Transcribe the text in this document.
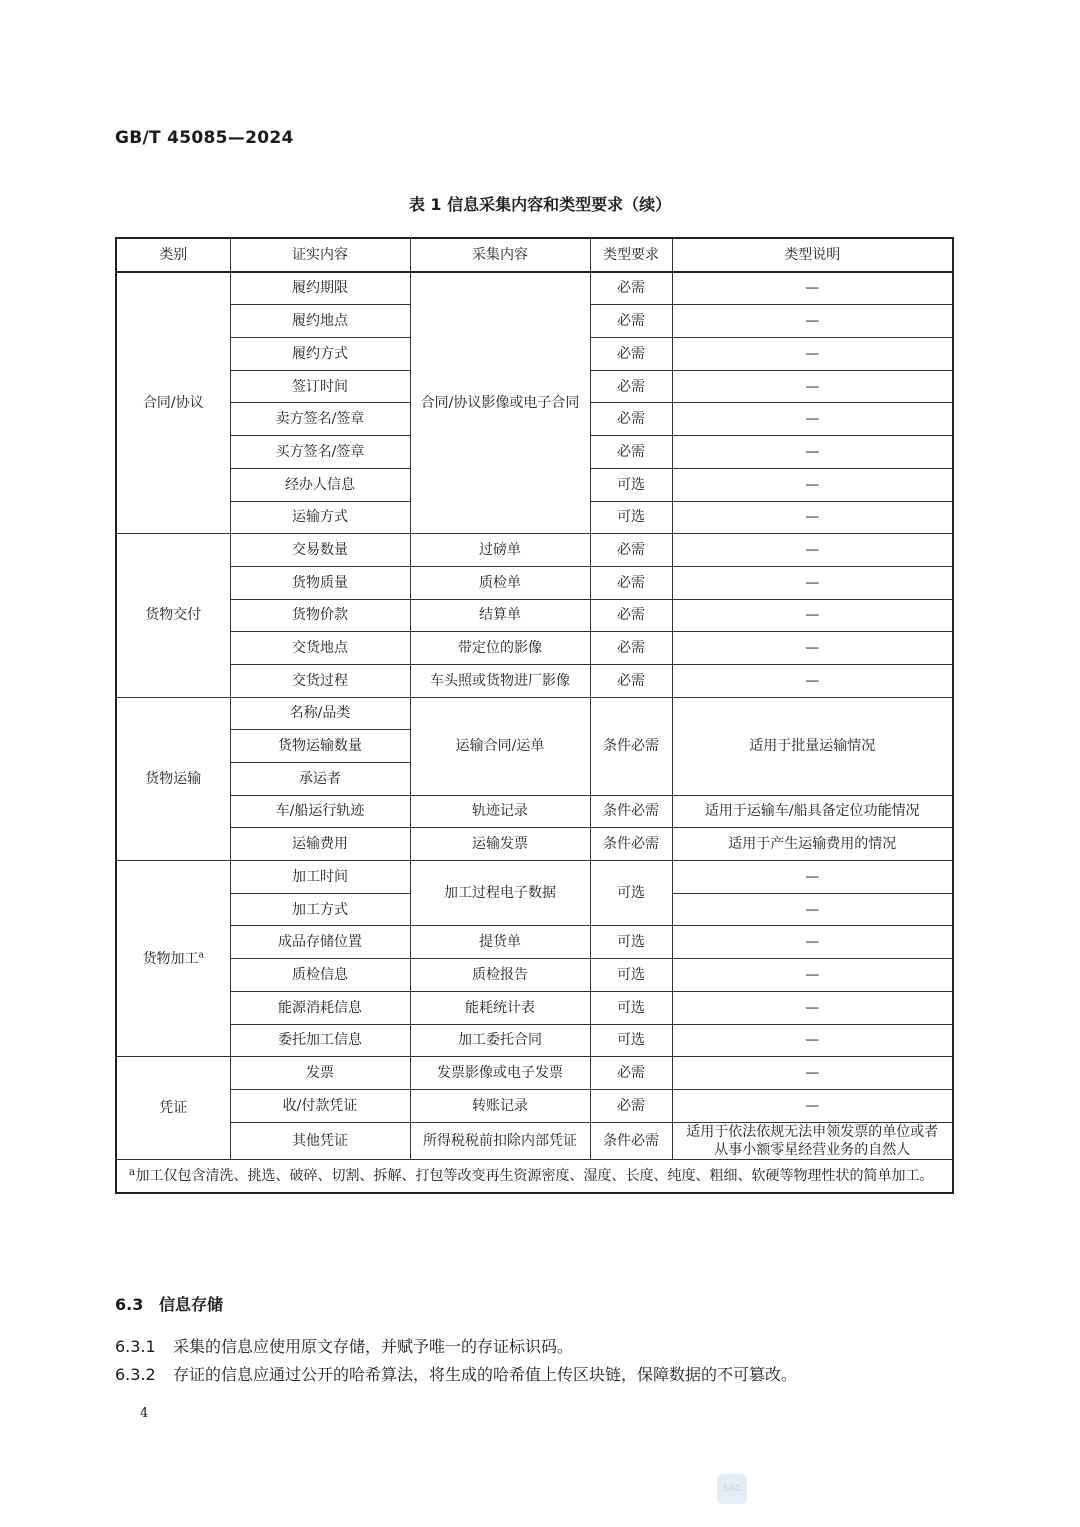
GB/T 45085—2024
表 1 信息采集内容和类型要求（续）
类别	证实内容	采集内容	类型要求	类型说明
合同/协议	履约期限	合同/协议影像或电子合同	必需	—
	履约地点		必需	—
	履约方式		必需	—
	签订时间		必需	—
	卖方签名/签章		必需	—
	买方签名/签章		必需	—
	经办人信息		可选	—
	运输方式		可选	—
货物交付	交易数量	过磅单	必需	—
	货物质量	质检单	必需	—
	货物价款	结算单	必需	—
	交货地点	带定位的影像	必需	—
	交货过程	车头照或货物进厂影像	必需	—
货物运输	名称/品类	运输合同/运单	条件必需	适用于批量运输情况
	货物运输数量			
	承运者			
	车/船运行轨迹	轨迹记录	条件必需	适用于运输车/船具备定位功能情况
	运输费用	运输发票	条件必需	适用于产生运输费用的情况
货物加工$^a$	加工时间	加工过程电子数据	可选	—
	加工方式			—
	成品存储位置	提货单	可选	—
	质检信息	质检报告	可选	—
	能源消耗信息	能耗统计表	可选	—
	委托加工信息	加工委托合同	可选	—
凭证	发票	发票影像或电子发票	必需	—
	收/付款凭证	转账记录	必需	—
	其他凭证	所得税税前扣除内部凭证	条件必需	适用于依法依规无法申领发票的单位或者从事小额零星经营业务的自然人

a 加工仅包含清洗、挑选、破碎、切割、拆解、打包等改变再生资源密度、湿度、长度、纯度、粗细、软硬等物理性状的简单加工。				
6.3 信息存储
6.3.1 采集的信息应使用原文存储，并赋予唯一的存证标识码。
6.3.2 存证的信息应通过公开的哈希算法，将生成的哈希值上传区块链，保障数据的不可篡改。
4
SAC
